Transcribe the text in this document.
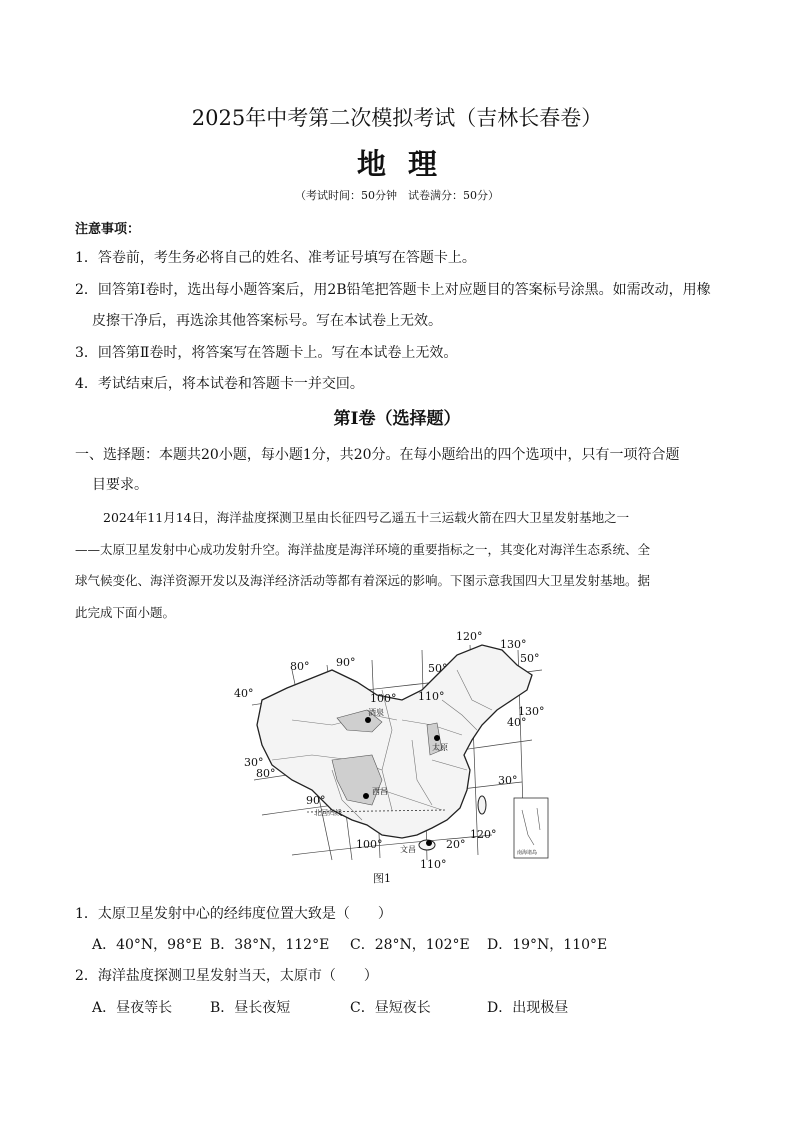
2025年中考第二次模拟考试（吉林长春卷）
地理
（考试时间：50分钟　试卷满分：50分）
注意事项：
1．答卷前，考生务必将自己的姓名、准考证号填写在答题卡上。
2．回答第Ⅰ卷时，选出每小题答案后，用2B铅笔把答题卡上对应题目的答案标号涂黑。如需改动，用橡
皮擦干净后，再选涂其他答案标号。写在本试卷上无效。
3．回答第Ⅱ卷时，将答案写在答题卡上。写在本试卷上无效。
4．考试结束后，将本试卷和答题卡一并交回。
第Ⅰ卷（选择题）
一、选择题：本题共20小题，每小题1分，共20分。在每小题给出的四个选项中，只有一项符合题
目要求。
2024年11月14日，海洋盐度探测卫星由长征四号乙遥五十三运载火箭在四大卫星发射基地之一
——太原卫星发射中心成功发射升空。海洋盐度是海洋环境的重要指标之一，其变化对海洋生态系统、全
球气候变化、海洋资源开发以及海洋经济活动等都有着深远的影响。下图示意我国四大卫星发射基地。据
此完成下面小题。
120°
130°
80° 90°	50°
50°
40°	100° 110°
130°
40°
30°
80°
30°
90°
120°
100°	20°
110°
酒泉
太原
西昌
文昌
北回归线
南海诸岛
图1
1．太原卫星发射中心的经纬度位置大致是（　　）
A．40°N，98°E B．38°N，112°E C．28°N，102°E D．19°N，110°E
2．海洋盐度探测卫星发射当天，太原市（　　）
A．昼夜等长	B．昼长夜短	C．昼短夜长	D．出现极昼
